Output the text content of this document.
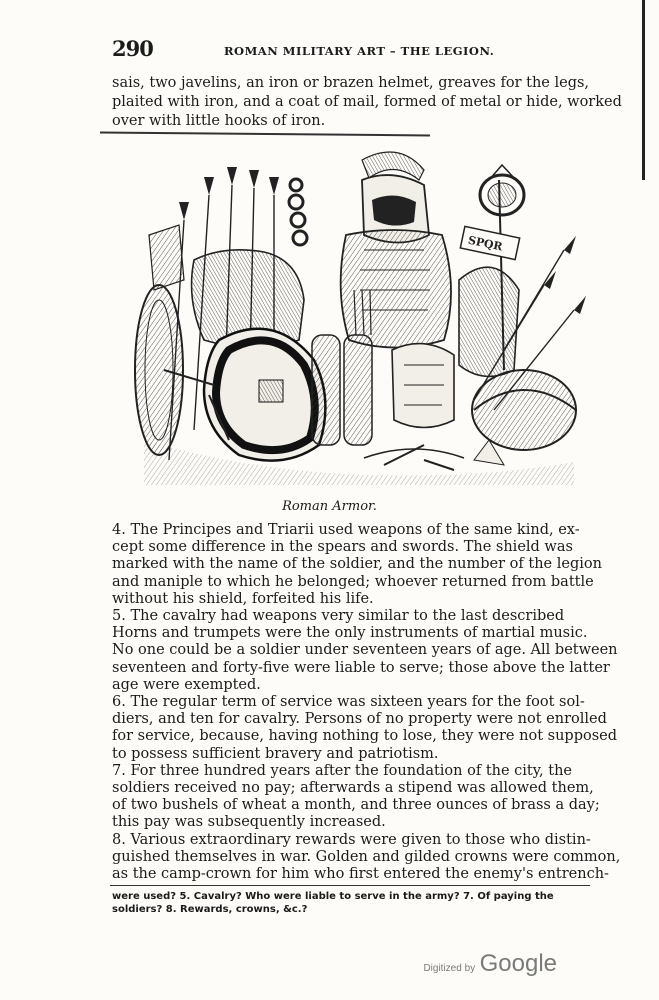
290	ROMAN MILITARY ART – THE LEGION.

sais, two javelins, an iron or brazen helmet, greaves for the legs,

plaited with iron, and a coat of mail, formed of metal or hide, worked

over with little hooks of iron.

SPQR
Roman Armor.

4. The Principes and Triarii used weapons of the same kind, ex-

cept some difference in the spears and swords. The shield was

marked with the name of the soldier, and the number of the legion

and maniple to which he belonged; whoever returned from battle

without his shield, forfeited his life.

5. The cavalry had weapons very similar to the last described

Horns and trumpets were the only instruments of martial music.

No one could be a soldier under seventeen years of age. All between

seventeen and forty-five were liable to serve; those above the latter

age were exempted.

6. The regular term of service was sixteen years for the foot sol-

diers, and ten for cavalry. Persons of no property were not enrolled

for service, because, having nothing to lose, they were not supposed

to possess sufficient bravery and patriotism.

7. For three hundred years after the foundation of the city, the

soldiers received no pay; afterwards a stipend was allowed them,

of two bushels of wheat a month, and three ounces of brass a day;

this pay was subsequently increased.

8. Various extraordinary rewards were given to those who distin-

guished themselves in war. Golden and gilded crowns were common,

as the camp-crown for him who first entered the enemy's entrench-

were used? 5. Cavalry? Who were liable to serve in the army? 7. Of paying the

soldiers? 8. Rewards, crowns, &c.?

Digitized by Google
